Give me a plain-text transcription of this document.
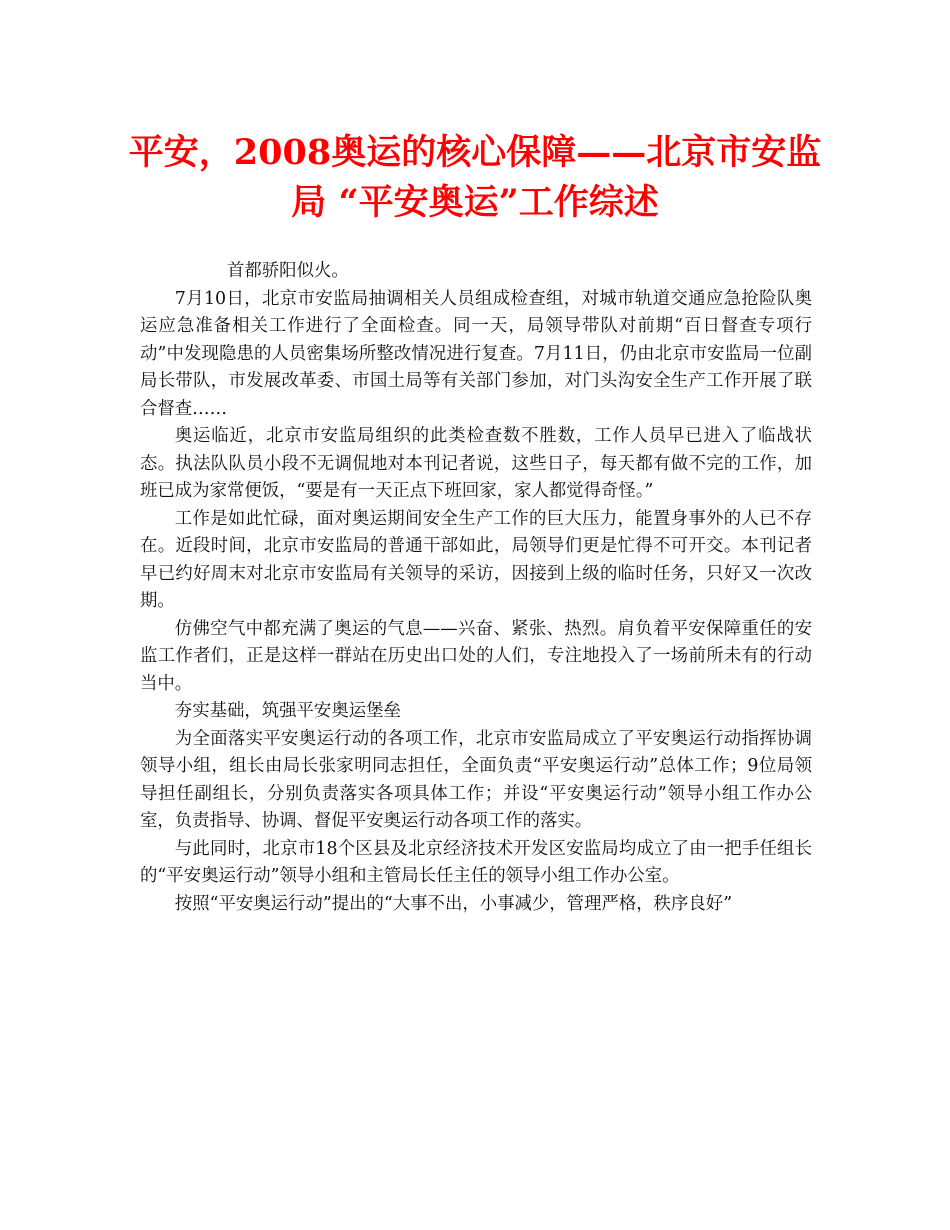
平安，2008奥运的核心保障——北京市安监
局 “平安奥运”工作综述

首都骄阳似火。

7月10日，北京市安监局抽调相关人员组成检查组，对城市轨道交通应急抢险队奥运应急准备相关工作进行了全面检查。同一天，局领导带队对前期“百日督查专项行动”中发现隐患的人员密集场所整改情况进行复查。7月11日，仍由北京市安监局一位副局长带队，市发展改革委、市国土局等有关部门参加，对门头沟安全生产工作开展了联合督查……

奥运临近，北京市安监局组织的此类检查数不胜数，工作人员早已进入了临战状态。执法队队员小段不无调侃地对本刊记者说，这些日子，每天都有做不完的工作，加班已成为家常便饭，“要是有一天正点下班回家，家人都觉得奇怪。”

工作是如此忙碌，面对奥运期间安全生产工作的巨大压力，能置身事外的人已不存在。近段时间，北京市安监局的普通干部如此，局领导们更是忙得不可开交。本刊记者早已约好周末对北京市安监局有关领导的采访，因接到上级的临时任务，只好又一次改期。

仿佛空气中都充满了奥运的气息——兴奋、紧张、热烈。肩负着平安保障重任的安监工作者们，正是这样一群站在历史出口处的人们，专注地投入了一场前所未有的行动当中。

夯实基础，筑强平安奥运堡垒

为全面落实平安奥运行动的各项工作，北京市安监局成立了平安奥运行动指挥协调领导小组，组长由局长张家明同志担任，全面负责“平安奥运行动”总体工作；9位局领导担任副组长，分别负责落实各项具体工作；并设“平安奥运行动”领导小组工作办公室，负责指导、协调、督促平安奥运行动各项工作的落实。

与此同时，北京市18个区县及北京经济技术开发区安监局均成立了由一把手任组长的“平安奥运行动”领导小组和主管局长任主任的领导小组工作办公室。

按照“平安奥运行动”提出的“大事不出，小事减少，管理严格，秩序良好”
